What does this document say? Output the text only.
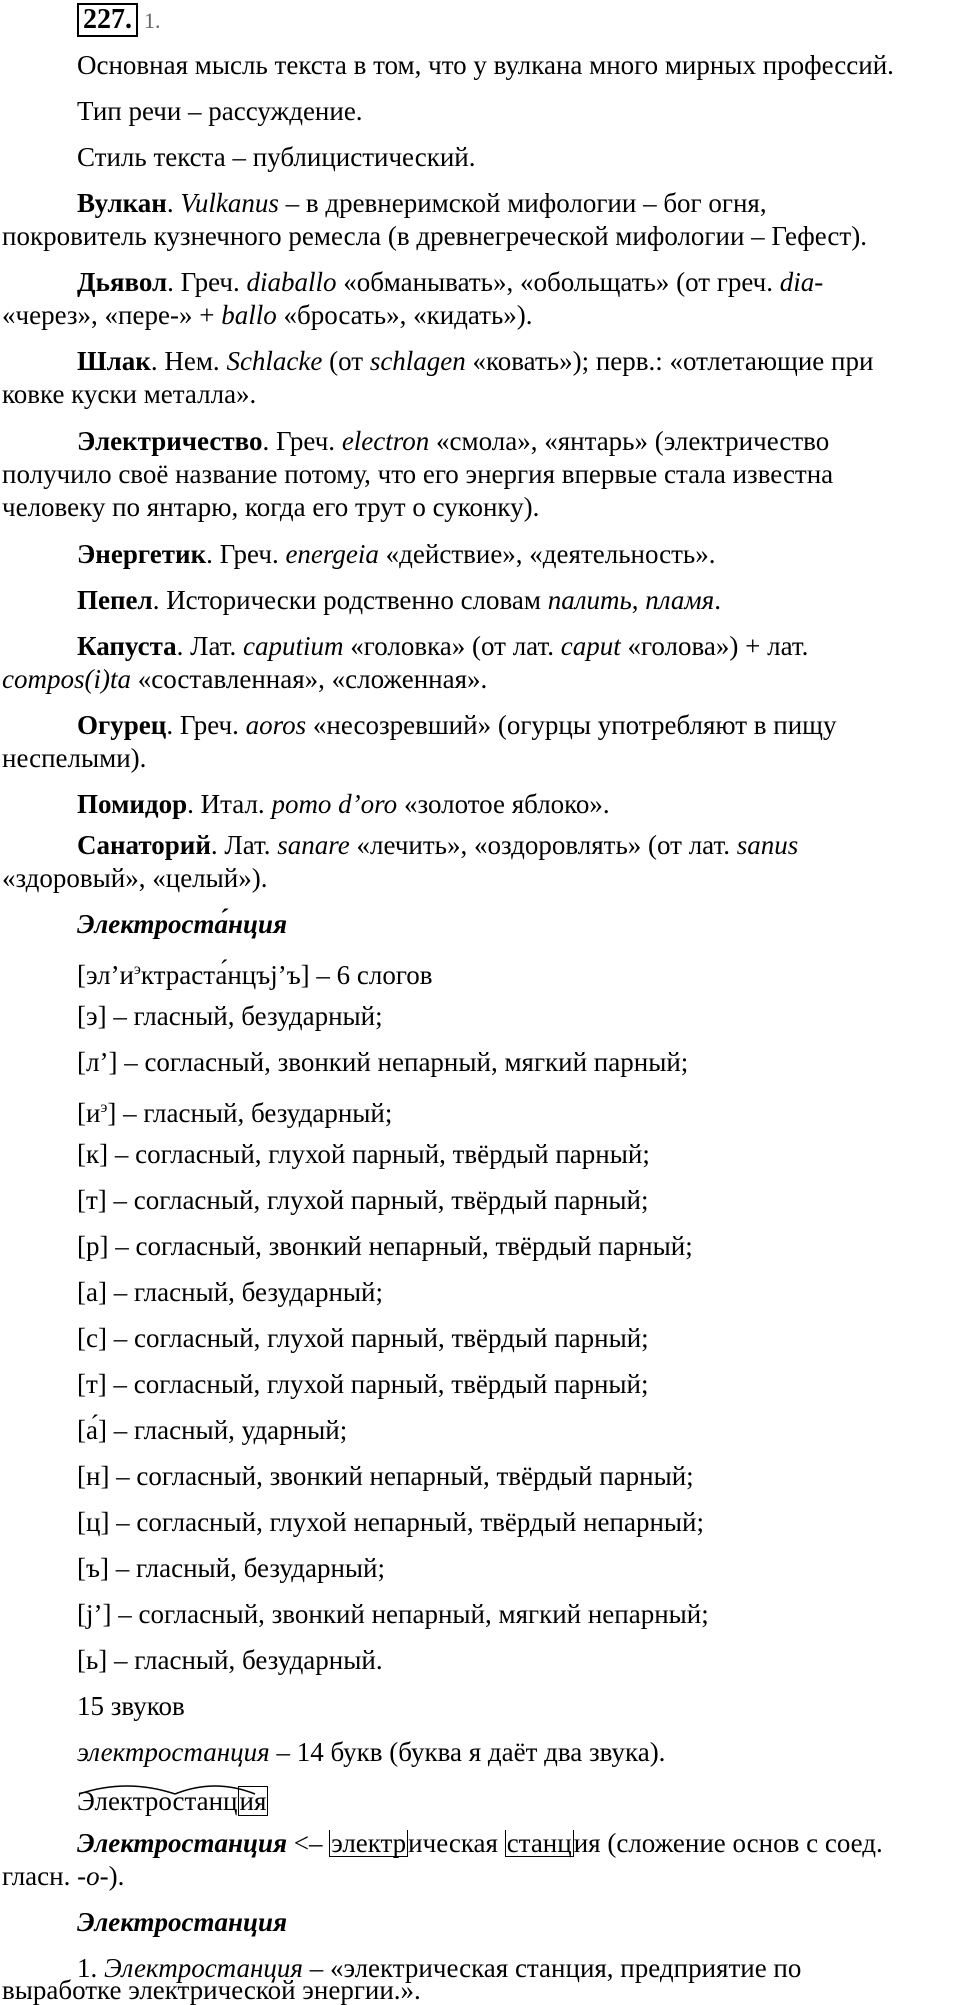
227. 1.
Основная мысль текста в том, что у вулкана много мирных профессий.
Тип речи – рассуждение.
Стиль текста – публицистический.
Вулкан. Vulkanus – в древнеримской мифологии – бог огня,
покровитель кузнечного ремесла (в древнегреческой мифологии – Гефест).
Дьявол. Греч. diaballo «обманывать», «обольщать» (от греч. dia-
«через», «пере-» + ballo «бросать», «кидать»).
Шлак. Нем. Schlacke (от schlagen «ковать»); перв.: «отлетающие при
ковке куски металла».
Электричество. Греч. electron «смола», «янтарь» (электричество
получило своё название потому, что его энергия впервые стала известна
человеку по янтарю, когда его трут о суконку).
Энергетик. Греч. energeia «действие», «деятельность».
Пепел. Исторически родственно словам палить, пламя.
Капуста. Лат. caputium «головка» (от лат. caput «голова») + лат.
compos(i)ta «составленная», «сложенная».
Огурец. Греч. aoros «несозревший» (огурцы употребляют в пищу
неспелыми).
Помидор. Итал. pomo d’oro «золотое яблоко».
Санаторий. Лат. sanare «лечить», «оздоровлять» (от лат. sanus
«здоровый», «целый»).
Электроста́нция
$[эл’и^эктраста́нцъj’ъ] - 6$ слогов
[э] – гласный, безударный;
[л’] – согласный, звонкий непарный, мягкий парный;
$[и^э]$ – гласный, безударный;
[к] – согласный, глухой парный, твёрдый парный;
[т] – согласный, глухой парный, твёрдый парный;
[р] – согласный, звонкий непарный, твёрдый парный;
[а] – гласный, безударный;
[с] – согласный, глухой парный, твёрдый парный;
[т] – согласный, глухой парный, твёрдый парный;
[а́] – гласный, ударный;
[н] – согласный, звонкий непарный, твёрдый парный;
[ц] – согласный, глухой непарный, твёрдый непарный;
[ъ] – гласный, безударный;
[j’] – согласный, звонкий непарный, мягкий непарный;
[ь] – гласный, безударный.
15 звуков
электростанция – 14 букв (буква я даёт два звука).
Электростанция
Электростанция <– электрическая станция (сложение основ с соед.
гласн. -о-).
Электростанция
1. Электростанция – «электрическая станция, предприятие по
выработке электрической энергии.».
